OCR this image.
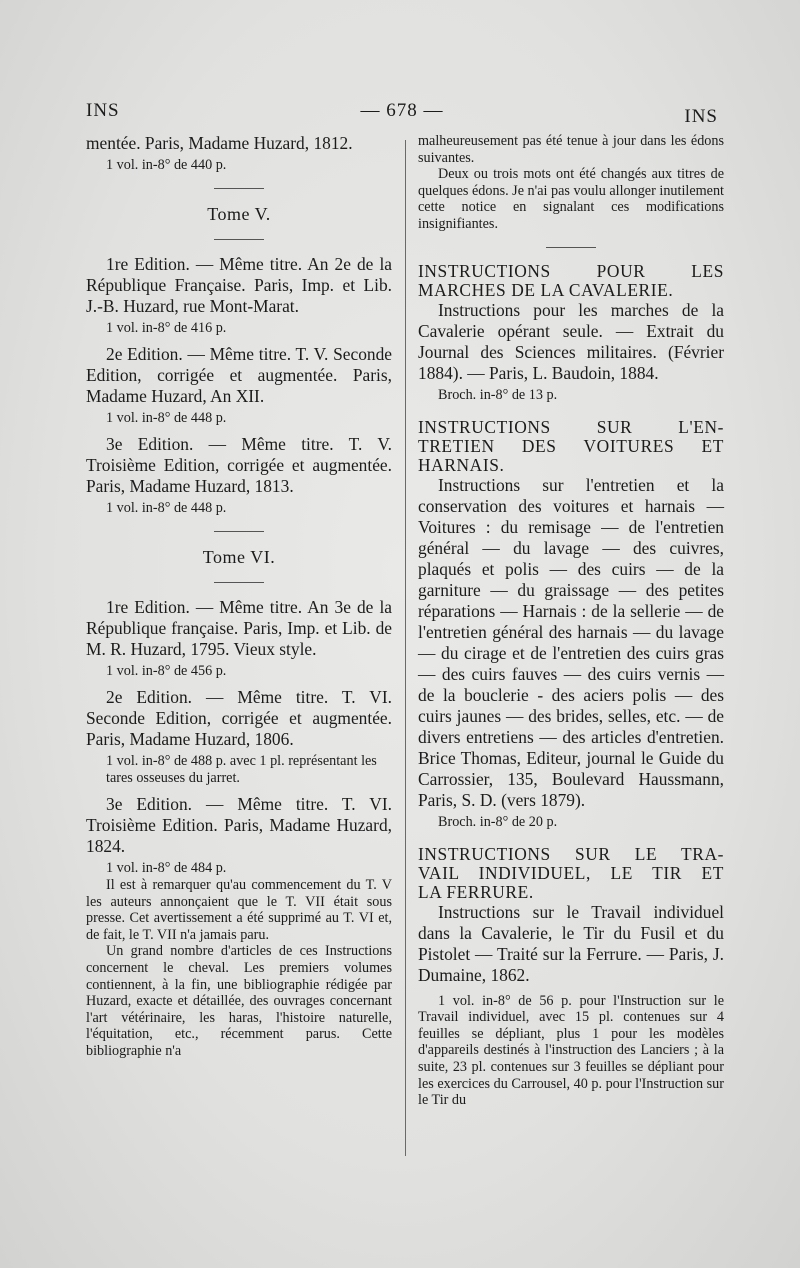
INS	— 678 —	INS

mentée. Paris, Madame Huzard, 1812.

1 vol. in-8° de 440 p.

Tome V.

1re Edition. — Même titre. An 2e de la République Française. Paris, Imp. et Lib. J.-B. Huzard, rue Mont-Marat.

1 vol. in-8° de 416 p.

2e Edition. — Même titre. T. V. Seconde Edition, corrigée et augmentée. Paris, Madame Huzard, An XII.

1 vol. in-8° de 448 p.

3e Edition. — Même titre. T. V. Troisième Edition, corrigée et augmentée. Paris, Madame Huzard, 1813.

1 vol. in-8° de 448 p.

Tome VI.

1re Edition. — Même titre. An 3e de la République française. Paris, Imp. et Lib. de M. R. Huzard, 1795. Vieux style.

1 vol. in-8° de 456 p.

2e Edition. — Même titre. T. VI. Seconde Edition, corrigée et augmentée. Paris, Madame Huzard, 1806.

1 vol. in-8° de 488 p. avec 1 pl. représentant les tares osseuses du jarret.

3e Edition. — Même titre. T. VI. Troisième Edition. Paris, Madame Huzard, 1824.

1 vol. in-8° de 484 p.

Il est à remarquer qu'au commencement du T. V les auteurs annonçaient que le T. VII était sous presse. Cet avertissement a été supprimé au T. VI et, de fait, le T. VII n'a jamais paru.

Un grand nombre d'articles de ces Instructions concernent le cheval. Les premiers volumes contiennent, à la fin, une bibliographie rédigée par Huzard, exacte et détaillée, des ouvrages concernant l'art vétérinaire, les haras, l'histoire naturelle, l'équitation, etc., récemment parus. Cette bibliographie n'a

malheureusement pas été tenue à jour dans les édons suivantes.

Deux ou trois mots ont été changés aux titres de quelques édons. Je n'ai pas voulu allonger inutilement cette notice en signalant ces modifications insignifiantes.

INSTRUCTIONS POUR LES

MARCHES DE LA CAVALERIE.

Instructions pour les marches de la Cavalerie opérant seule. — Extrait du Journal des Sciences militaires. (Février 1884). — Paris, L. Baudoin, 1884.

Broch. in-8° de 13 p.

INSTRUCTIONS SUR L'EN-

TRETIEN DES VOITURES ET

HARNAIS.

Instructions sur l'entretien et la conservation des voitures et harnais — Voitures : du remisage — de l'entretien général — du lavage — des cuivres, plaqués et polis — des cuirs — de la garniture — du graissage — des petites réparations — Harnais : de la sellerie — de l'entretien général des harnais — du lavage — du cirage et de l'entretien des cuirs gras — des cuirs fauves — des cuirs vernis — de la bouclerie - des aciers polis — des cuirs jaunes — des brides, selles, etc. — de divers entretiens — des articles d'entretien. Brice Thomas, Editeur, journal le Guide du Carrossier, 135, Boulevard Haussmann, Paris, S. D. (vers 1879).

Broch. in-8° de 20 p.

INSTRUCTIONS SUR LE TRA-

VAIL INDIVIDUEL, LE TIR ET

LA FERRURE.

Instructions sur le Travail individuel dans la Cavalerie, le Tir du Fusil et du Pistolet — Traité sur la Ferrure. — Paris, J. Dumaine, 1862.

1 vol. in-8° de 56 p. pour l'Instruction sur le Travail individuel, avec 15 pl. contenues sur 4 feuilles se dépliant, plus 1 pour les modèles d'appareils destinés à l'instruction des Lanciers ; à la suite, 23 pl. contenues sur 3 feuilles se dépliant pour les exercices du Carrousel, 40 p. pour l'Instruction sur le Tir du
